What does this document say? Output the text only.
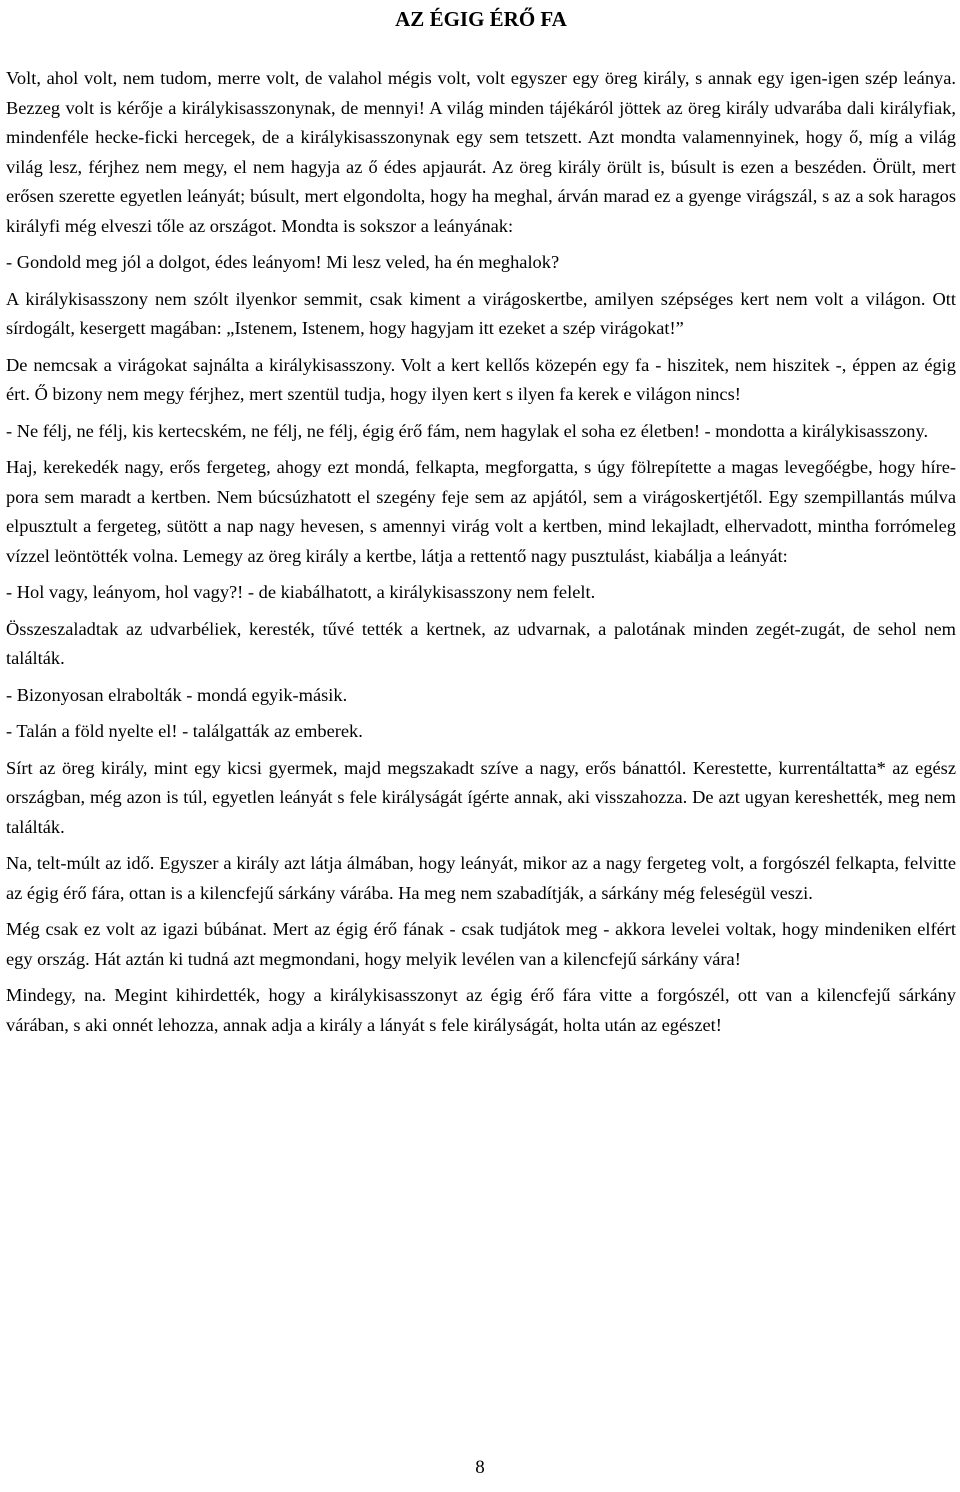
AZ ÉGIG ÉRŐ FA

Volt, ahol volt, nem tudom, merre volt, de valahol mégis volt, volt egyszer egy öreg király, s annak egy igen-igen szép leánya. Bezzeg volt is kérője a királykisasszonynak, de mennyi! A világ minden tájékáról jöttek az öreg király udvarába dali királyfiak, mindenféle hecke-ficki hercegek, de a királykisasszonynak egy sem tetszett. Azt mondta valamennyinek, hogy ő, míg a világ világ lesz, férjhez nem megy, el nem hagyja az ő édes apjaurát. Az öreg király örült is, búsult is ezen a beszéden. Örült, mert erősen szerette egyetlen leányát; búsult, mert elgondolta, hogy ha meghal, árván marad ez a gyenge virágszál, s az a sok haragos királyfi még elveszi tőle az országot. Mondta is sokszor a leányának:

- Gondold meg jól a dolgot, édes leányom! Mi lesz veled, ha én meghalok?

A királykisasszony nem szólt ilyenkor semmit, csak kiment a virágoskertbe, amilyen szépséges kert nem volt a világon. Ott sírdogált, kesergett magában: „Istenem, Istenem, hogy hagyjam itt ezeket a szép virágokat!”

De nemcsak a virágokat sajnálta a királykisasszony. Volt a kert kellős közepén egy fa - hiszitek, nem hiszitek -, éppen az égig ért. Ő bizony nem megy férjhez, mert szentül tudja, hogy ilyen kert s ilyen fa kerek e világon nincs!

- Ne félj, ne félj, kis kertecském, ne félj, ne félj, égig érő fám, nem hagylak el soha ez életben! - mondotta a királykisasszony.

Haj, kerekedék nagy, erős fergeteg, ahogy ezt mondá, felkapta, megforgatta, s úgy fölrepítette a magas levegőégbe, hogy híre-pora sem maradt a kertben. Nem búcsúzhatott el szegény feje sem az apjától, sem a virágoskertjétől. Egy szempillantás múlva elpusztult a fergeteg, sütött a nap nagy hevesen, s amennyi virág volt a kertben, mind lekajladt, elhervadott, mintha forrómeleg vízzel leöntötték volna. Lemegy az öreg király a kertbe, látja a rettentő nagy pusztulást, kiabálja a leányát:

- Hol vagy, leányom, hol vagy?! - de kiabálhatott, a királykisasszony nem felelt.

Összeszaladtak az udvarbéliek, keresték, tűvé tették a kertnek, az udvarnak, a palotának minden zegét-zugát, de sehol nem találták.

- Bizonyosan elrabolták - mondá egyik-másik.

- Talán a föld nyelte el! - találgatták az emberek.

Sírt az öreg király, mint egy kicsi gyermek, majd megszakadt szíve a nagy, erős bánattól. Kerestette, kurrentáltatta* az egész országban, még azon is túl, egyetlen leányát s fele királyságát ígérte annak, aki visszahozza. De azt ugyan kereshették, meg nem találták.

Na, telt-múlt az idő. Egyszer a király azt látja álmában, hogy leányát, mikor az a nagy fergeteg volt, a forgószél felkapta, felvitte az égig érő fára, ottan is a kilencfejű sárkány várába. Ha meg nem szabadítják, a sárkány még feleségül veszi.

Még csak ez volt az igazi búbánat. Mert az égig érő fának - csak tudjátok meg - akkora levelei voltak, hogy mindeniken elfért egy ország. Hát aztán ki tudná azt megmondani, hogy melyik levélen van a kilencfejű sárkány vára!

Mindegy, na. Megint kihirdették, hogy a királykisasszonyt az égig érő fára vitte a forgószél, ott van a kilencfejű sárkány várában, s aki onnét lehozza, annak adja a király a lányát s fele királyságát, holta után az egészet!

8
